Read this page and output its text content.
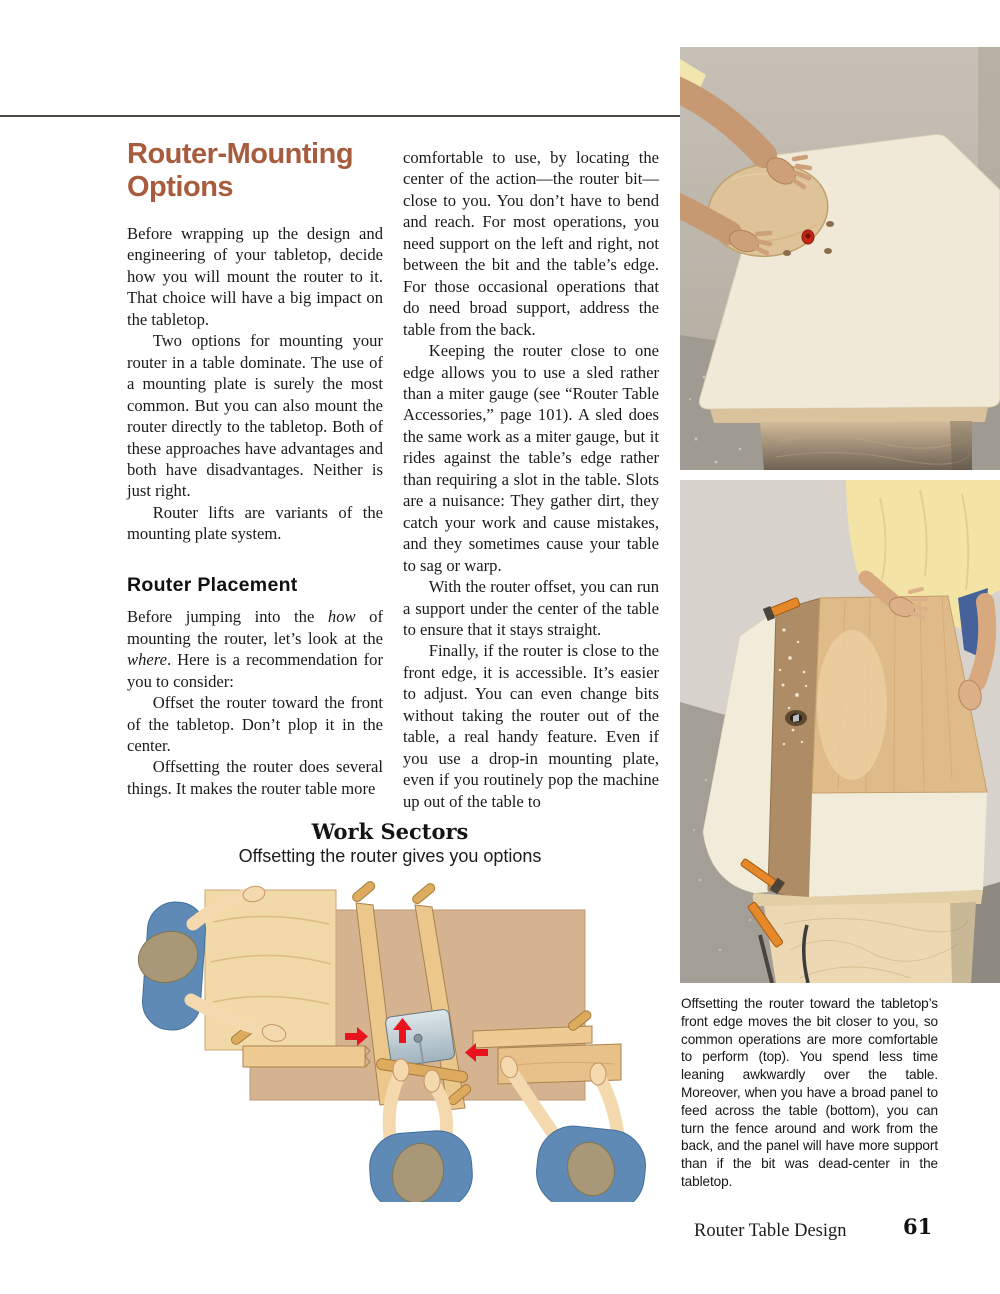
Router-Mounting Options

Before wrapping up the design and engineering of your tabletop, decide how you will mount the router to it. That choice will have a big impact on the tabletop.

Two options for mounting your router in a table dominate. The use of a mounting plate is surely the most common. But you can also mount the router directly to the tabletop. Both of these approaches have advantages and both have disadvantages. Neither is just right.

Router lifts are variants of the mounting plate system.

Router Placement

Before jumping into the how of mounting the router, let’s look at the where. Here is a recommendation for you to consider:

Offset the router toward the front of the tabletop. Don’t plop it in the center.

Offsetting the router does several things. It makes the router table more

comfortable to use, by locating the center of the action—the router bit—close to you. You don’t have to bend and reach. For most operations, you need support on the left and right, not between the bit and the table’s edge. For those occasional operations that do need broad support, address the table from the back.

Keeping the router close to one edge allows you to use a sled rather than a miter gauge (see “Router Table Accessories,” page 101). A sled does the same work as a miter gauge, but it rides against the table’s edge rather than requiring a slot in the table. Slots are a nuisance: They gather dirt, they catch your work and cause mistakes, and they sometimes cause your table to sag or warp.

With the router offset, you can run a support under the center of the table to ensure that it stays straight.

Finally, if the router is close to the front edge, it is accessible. It’s easier to adjust. You can even change bits without taking the router out of the table, a real handy feature. Even if you use a drop-in mounting plate, even if you routinely pop the machine up out of the table to

Work Sectors
Offsetting the router gives you options

Offsetting the router toward the tabletop’s front edge moves the bit closer to you, so common operations are more comfortable to perform (top). You spend less time leaning awkwardly over the table. Moreover, when you have a broad panel to feed across the table (bottom), you can turn the fence around and work from the back, and the panel will have more support than if the bit was dead-center in the tabletop.

Router Table Design	61
